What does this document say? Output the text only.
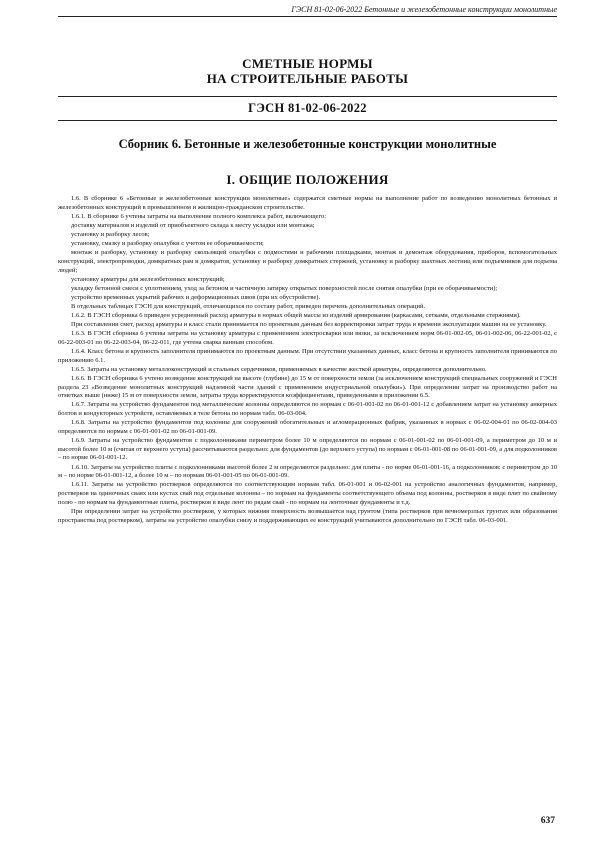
ГЭСН 81-02-06-2022 Бетонные и железобетонные конструкции монолитные
СМЕТНЫЕ НОРМЫ
НА СТРОИТЕЛЬНЫЕ РАБОТЫ
ГЭСН 81-02-06-2022
Сборник 6. Бетонные и железобетонные конструкции монолитные
I. ОБЩИЕ ПОЛОЖЕНИЯ

1.6. В сборнике 6 «Бетонные и железобетонные конструкции монолитные» содержатся сметные нормы на выполнение работ по возведению монолитных бетонных и железобетонных конструкций в промышленном и жилищно-гражданском строительстве.

1.6.1. В сборнике 6 учтены затраты на выполнение полного комплекса работ, включающего:

доставку материалов и изделий от приобъектного склада к месту укладки или монтажа;

установку и разборку лесов;

установку, смазку и разборку опалубки с учетом ее оборачиваемости;

монтаж и разборку, установку и разборку скользящей опалубки с подмостями и рабочими площадками, монтаж и демонтаж оборудования, приборов, вспомогательных конструкций, электропроводки, домкратных рам и домкратов, установку и разборку домкратных стержней, установку и разборку шахтных лестниц или подъемников для подъема людей;

установку арматуры для железобетонных конструкций;

укладку бетонной смеси с уплотнением, уход за бетоном и частичную затирку открытых поверхностей после снятия опалубки (при ее оборачиваемости);

устройство временных укрытий рабочих и деформационных швов (при их обустройстве).

В отдельных таблицах ГЭСН для конструкций, отличающихся по составу работ, приведен перечень дополнительных операций.

1.6.2. В ГЭСН сборника 6 приведен усредненный расход арматуры в нормах общей массы из изделий армирования (каркасами, сетками, отдельными стержнями).

При составлении смет, расход арматуры и класс стали принимается по проектным данным без корректировки затрат труда и времени эксплуатации машин на ее установку.

1.6.3. В ГЭСН сборника 6 учтены затраты на установку арматуры с применением электросварки или вязки, за исключением норм 06-01-002-05, 06-01-002-06, 06-22-001-02, с 06-22-003-01 по 06-22-003-04, 06-22-011, где учтена сварка ванным способом.

1.6.4. Класс бетона и крупность заполнителя принимаются по проектным данным. При отсутствии указанных данных, класс бетона и крупность заполнителя принимаются по приложению 6.1.

1.6.5. Затраты на установку металлоконструкций и стальных сердечников, применяемых в качестве жесткой арматуры, определяются дополнительно.

1.6.6. В ГЭСН сборника 6 учтено возведение конструкций на высоте (глубине) до 15 м от поверхности земли (за исключением конструкций специальных сооружений и ГЭСН раздела 23 «Возведение монолитных конструкций надземной части зданий с применением индустриальной опалубки»). При определении затрат на производство работ на отметках выше (ниже) 15 м от поверхности земли, затраты труда корректируются коэффициентами, приведенными в приложении 6.5.

1.6.7. Затраты на устройство фундаментов под металлические колонны определяются по нормам с 06-01-001-02 по 06-01-001-12 с добавлением затрат на установку анкерных болтов и кондукторных устройств, оставляемых в теле бетона по нормам табл. 06-03-004.

1.6.8. Затраты на устройство фундаментов под колонны для сооружений обогатительных и агломерационных фабрик, указанных в нормах с 06-02-004-01 по 06-02-004-03 определяются по нормам с 06-01-001-02 по 06-01-001-09.

1.6.9. Затраты на устройство фундаментов с подколонниками периметром более 10 м определяются по нормам с 06-01-001-02 по 06-01-001-09, а периметром до 10 м и высотой более 10 м (считая от верхнего уступа) рассчитываются раздельно: для фундаментов (до верхнего уступа) по нормам с 06-01-001-08 по 06-01-001-09, а для подколонников – по норме 06-01-001-12.

1.6.10. Затраты на устройство плиты с подколонниками высотой более 2 м определяются раздельно: для плиты - по норме 06-01-001-16, а подколонников: с периметром до 10 м – по норме 06-01-001-12, а более 10 м – по нормам 06-01-001-05 по 06-01-001-09.

1.6.11. Затраты на устройство ростверков определяются по соответствующим нормам табл. 06-01-001 и 06-02-001 на устройство аналогичных фундаментов, например, ростверков на одиночных сваях или кустах свай под отдельные колонны – по нормам на фундаменты соответствующего объема под колонны, ростверков в виде плит по свайному полю - по нормам на фундаментные плиты, ростверков в виде лент по рядам свай - по нормам на ленточные фундаменты и т.д.

При определении затрат на устройство ростверков, у которых нижняя поверхность возвышается над грунтом (типа ростверков при вечномерзлых грунтах или образования пространства под ростверком), затраты на устройство опалубки снизу и поддерживающих ее конструкций учитываются дополнительно по ГЭСН табл. 06-03-001.

637
